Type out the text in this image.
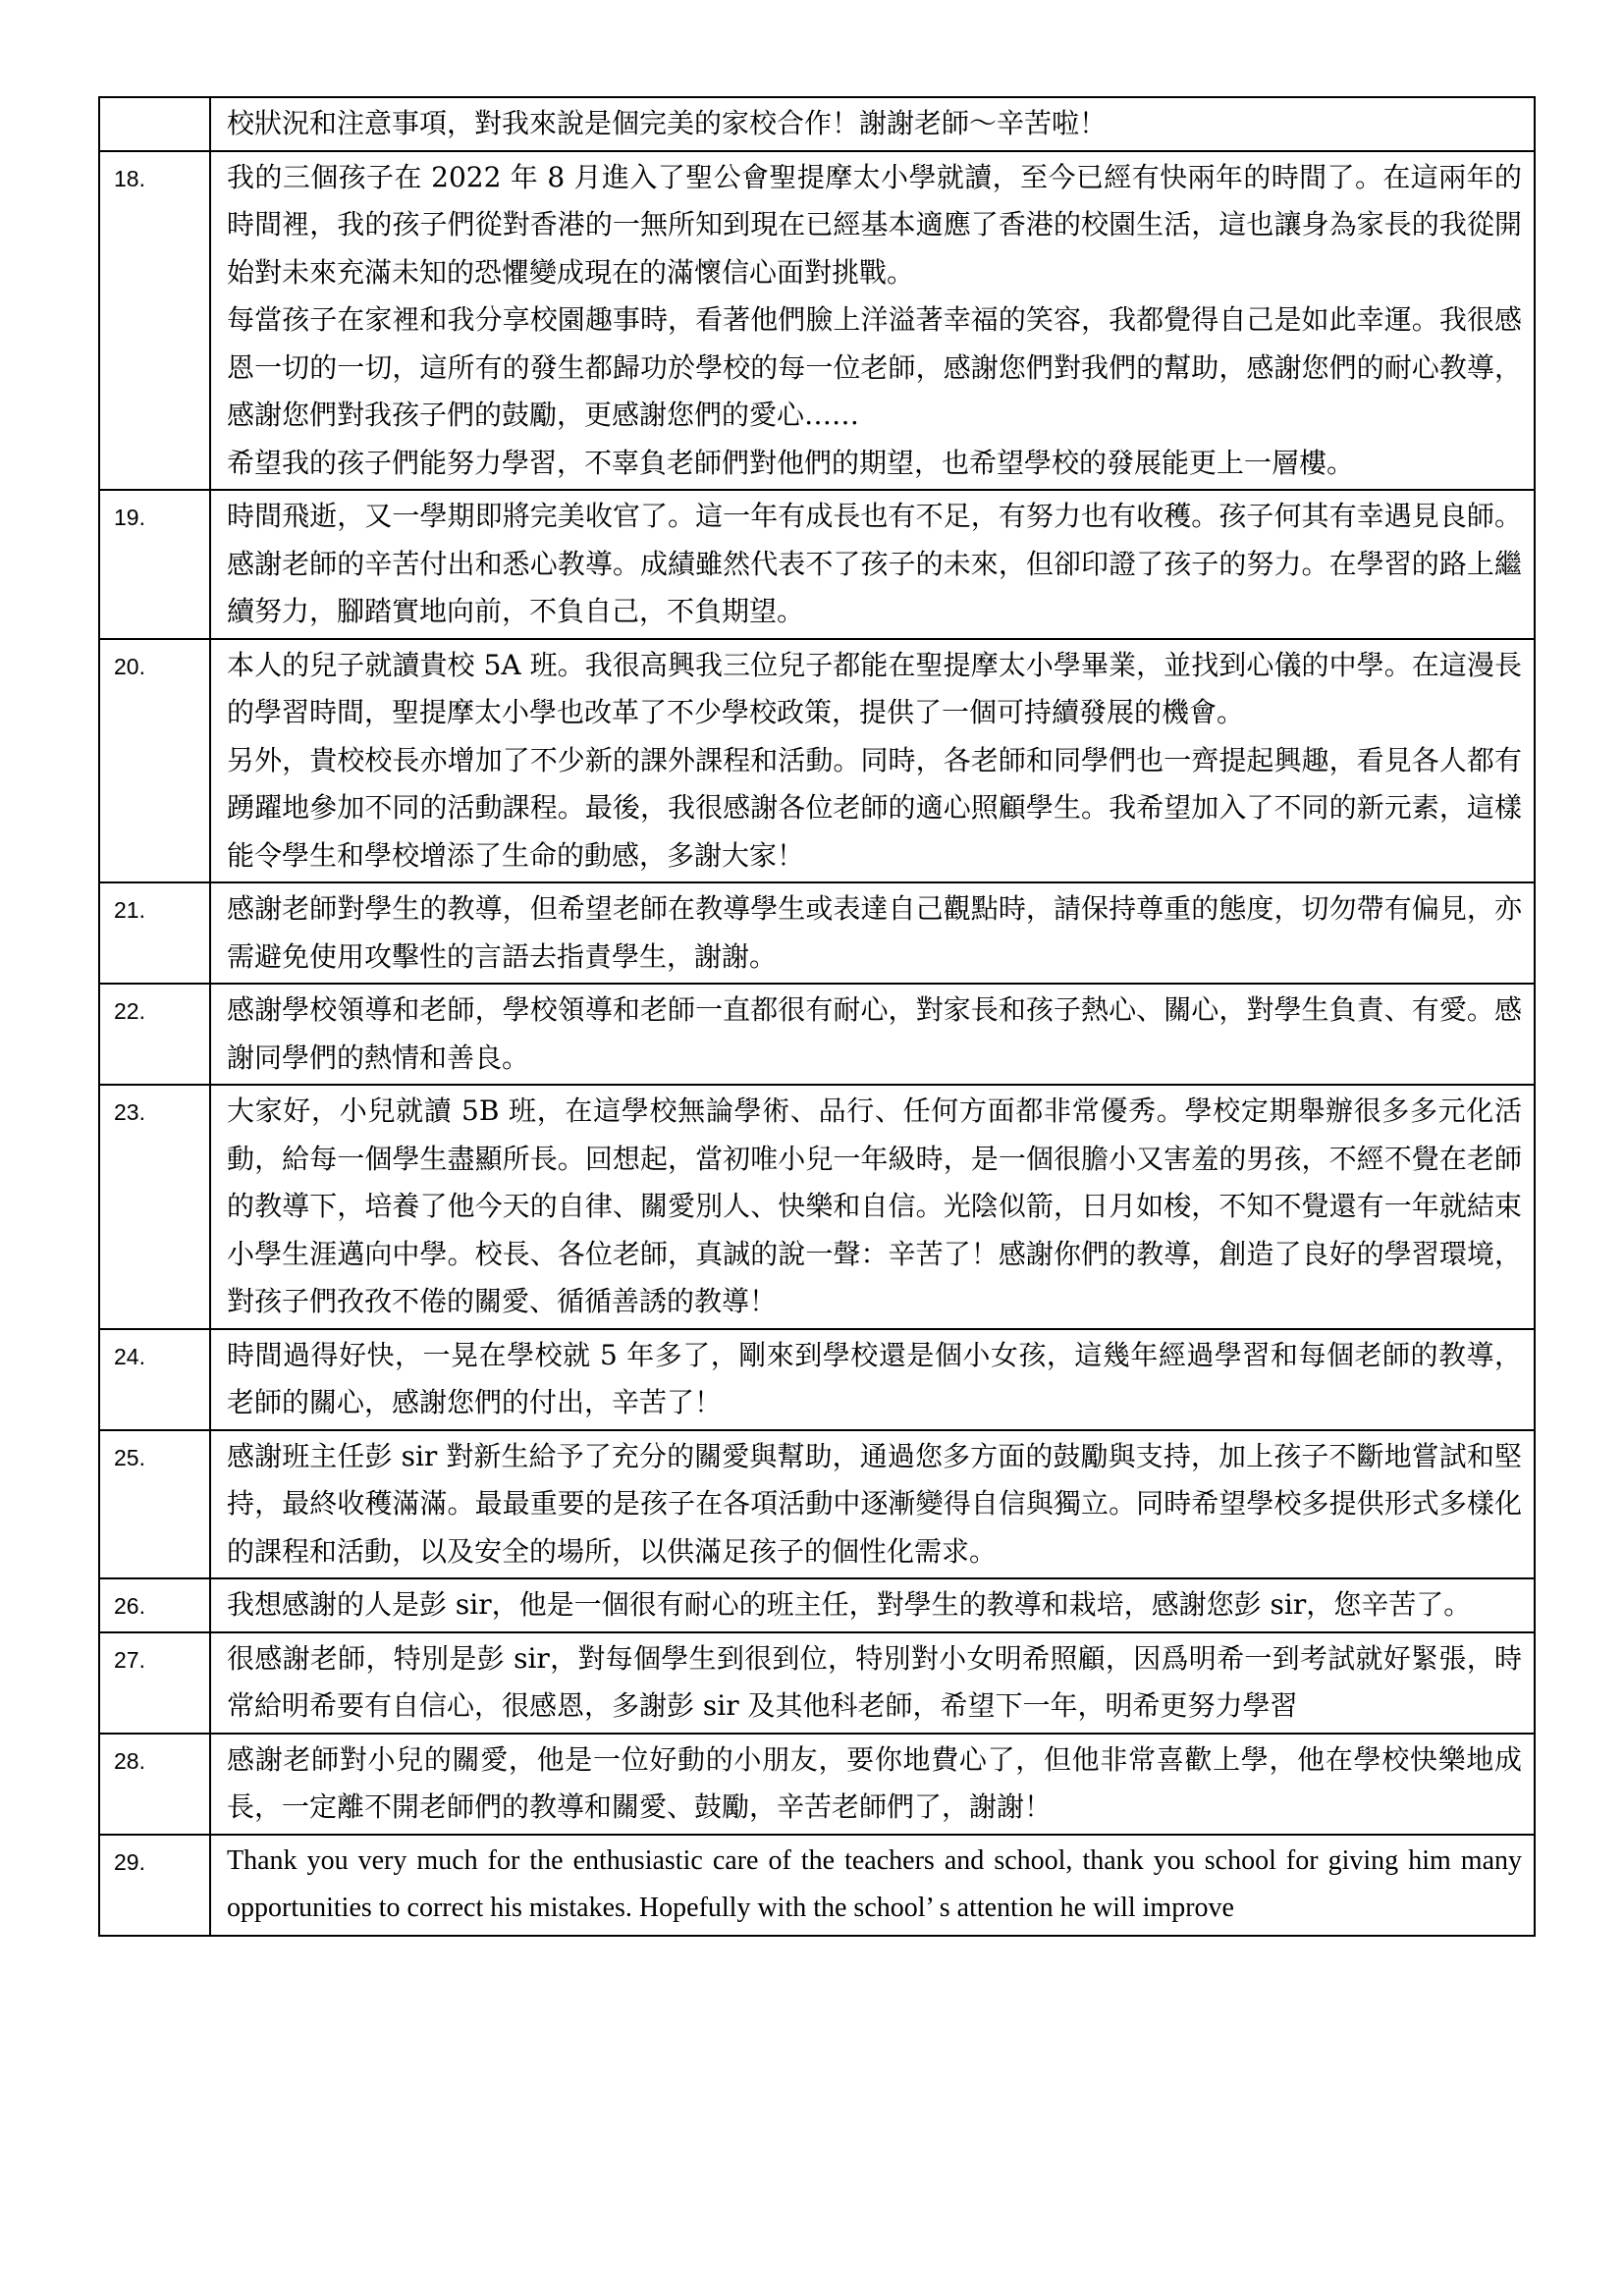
	校狀況和注意事項，對我來說是個完美的家校合作！謝謝老師～辛苦啦！

18.	我的三個孩子在 2022 年 8 月進入了聖公會聖提摩太小學就讀，至今已經有快兩年的時間了。在這兩年的時間裡，我的孩子們從對香港的一無所知到現在已經基本適應了香港的校園生活，這也讓身為家長的我從開始對未來充滿未知的恐懼變成現在的滿懷信心面對挑戰。
每當孩子在家裡和我分享校園趣事時，看著他們臉上洋溢著幸福的笑容，我都覺得自己是如此幸運。我很感恩一切的一切，這所有的發生都歸功於學校的每一位老師，感謝您們對我們的幫助，感謝您們的耐心教導，感謝您們對我孩子們的鼓勵，更感謝您們的愛心……
希望我的孩子們能努力學習，不辜負老師們對他們的期望，也希望學校的發展能更上一層樓。

19.	時間飛逝，又一學期即將完美收官了。這一年有成長也有不足，有努力也有收穫。孩子何其有幸遇見良師。感謝老師的辛苦付出和悉心教導。成績雖然代表不了孩子的未來，但卻印證了孩子的努力。在學習的路上繼續努力，腳踏實地向前，不負自己，不負期望。

20.	本人的兒子就讀貴校 5A 班。我很高興我三位兒子都能在聖提摩太小學畢業，並找到心儀的中學。在這漫長的學習時間，聖提摩太小學也改革了不少學校政策，提供了一個可持續發展的機會。
另外，貴校校長亦增加了不少新的課外課程和活動。同時，各老師和同學們也一齊提起興趣，看見各人都有踴躍地參加不同的活動課程。最後，我很感謝各位老師的適心照顧學生。我希望加入了不同的新元素，這樣能令學生和學校增添了生命的動感，多謝大家！

21.	感謝老師對學生的教導，但希望老師在教導學生或表達自己觀點時，請保持尊重的態度，切勿帶有偏見，亦需避免使用攻擊性的言語去指責學生，謝謝。

22.	感謝學校領導和老師，學校領導和老師一直都很有耐心，對家長和孩子熱心、關心，對學生負責、有愛。感謝同學們的熱情和善良。

23.	大家好，小兒就讀 5B 班，在這學校無論學術、品行、任何方面都非常優秀。學校定期舉辦很多多元化活動，給每一個學生盡顯所長。回想起，當初唯小兒一年級時，是一個很膽小又害羞的男孩，不經不覺在老師的教導下，培養了他今天的自律、關愛別人、快樂和自信。光陰似箭，日月如梭，不知不覺還有一年就結束小學生涯邁向中學。校長、各位老師，真誠的說一聲：辛苦了！感謝你們的教導，創造了良好的學習環境，對孩子們孜孜不倦的關愛、循循善誘的教導！

24.	時間過得好快，一晃在學校就 5 年多了，剛來到學校還是個小女孩，這幾年經過學習和每個老師的教導，老師的關心，感謝您們的付出，辛苦了！

25.	感謝班主任彭 sir 對新生給予了充分的關愛與幫助，通過您多方面的鼓勵與支持，加上孩子不斷地嘗試和堅持，最終收穫滿滿。最最重要的是孩子在各項活動中逐漸變得自信與獨立。同時希望學校多提供形式多樣化的課程和活動，以及安全的場所，以供滿足孩子的個性化需求。

26.	我想感謝的人是彭 sir，他是一個很有耐心的班主任，對學生的教導和栽培，感謝您彭 sir，您辛苦了。

27.	很感謝老師，特別是彭 sir，對每個學生到很到位，特別對小女明希照顧，因爲明希一到考試就好緊張，時常給明希要有自信心，很感恩，多謝彭 sir 及其他科老師，希望下一年，明希更努力學習

28.	感謝老師對小兒的關愛，他是一位好動的小朋友，要你地費心了，但他非常喜歡上學，他在學校快樂地成長，一定離不開老師們的教導和關愛、鼓勵，辛苦老師們了，謝謝！

29.	Thank you very much for the enthusiastic care of the teachers and school, thank you school for giving him many opportunities to correct his mistakes. Hopefully with the school’ s attention he will improve
